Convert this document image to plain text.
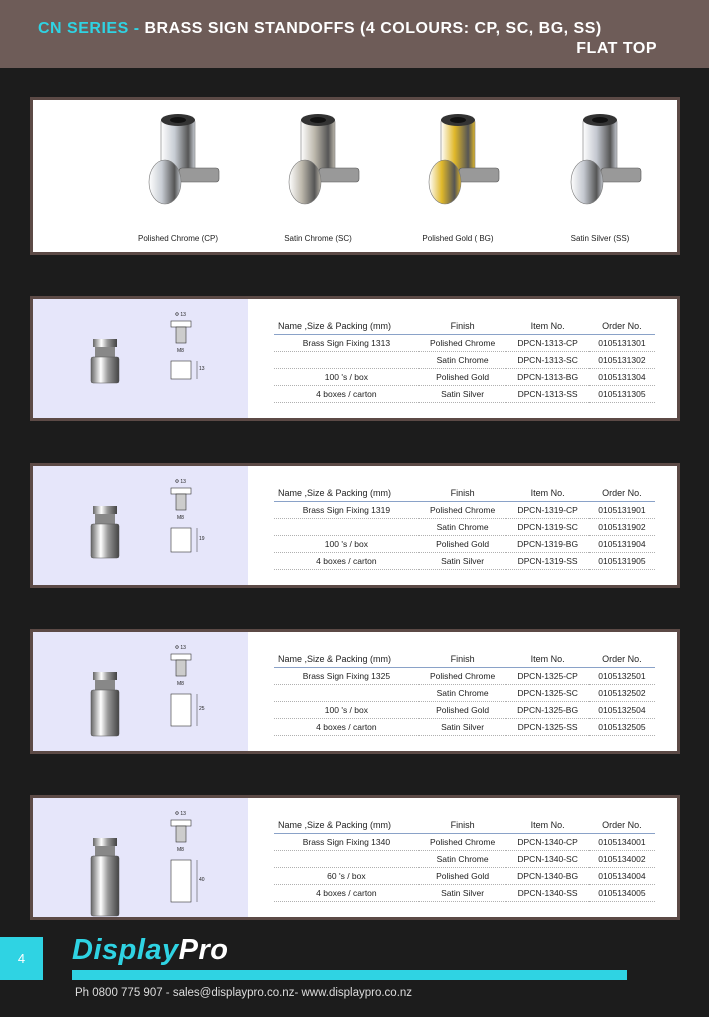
CN SERIES - BRASS SIGN STANDOFFS (4 COLOURS: CP, SC, BG, SS)
FLAT TOP
Polished Chrome (CP)	Satin Chrome (SC)	Polished Gold ( BG)	Satin Silver (SS)
Φ 13
M8
13
Name ,Size & Packing (mm)	Finish	Item No.	Order No.
Brass Sign Fixing 1313	Polished Chrome	DPCN-1313-CP	0105131301
	Satin Chrome	DPCN-1313-SC	0105131302
100 's / box	Polished Gold	DPCN-1313-BG	0105131304
4 boxes / carton	Satin Silver	DPCN-1313-SS	0105131305
Φ 13
M8
19
Name ,Size & Packing (mm)	Finish	Item No.	Order No.
Brass Sign Fixing 1319	Polished Chrome	DPCN-1319-CP	0105131901
	Satin Chrome	DPCN-1319-SC	0105131902
100 's / box	Polished Gold	DPCN-1319-BG	0105131904
4 boxes / carton	Satin Silver	DPCN-1319-SS	0105131905
Φ 13
M8
25
Name ,Size & Packing (mm)	Finish	Item No.	Order No.
Brass Sign Fixing 1325	Polished Chrome	DPCN-1325-CP	0105132501
	Satin Chrome	DPCN-1325-SC	0105132502
100 's / box	Polished Gold	DPCN-1325-BG	0105132504
4 boxes / carton	Satin Silver	DPCN-1325-SS	0105132505
Φ 13
M8
40
Name ,Size & Packing (mm)	Finish	Item No.	Order No.
Brass Sign Fixing 1340	Polished Chrome	DPCN-1340-CP	0105134001
	Satin Chrome	DPCN-1340-SC	0105134002
60 's / box	Polished Gold	DPCN-1340-BG	0105134004
4 boxes / carton	Satin Silver	DPCN-1340-SS	0105134005
4	DisplayPro
Ph 0800 775 907 - sales@displaypro.co.nz- www.displaypro.co.nz
